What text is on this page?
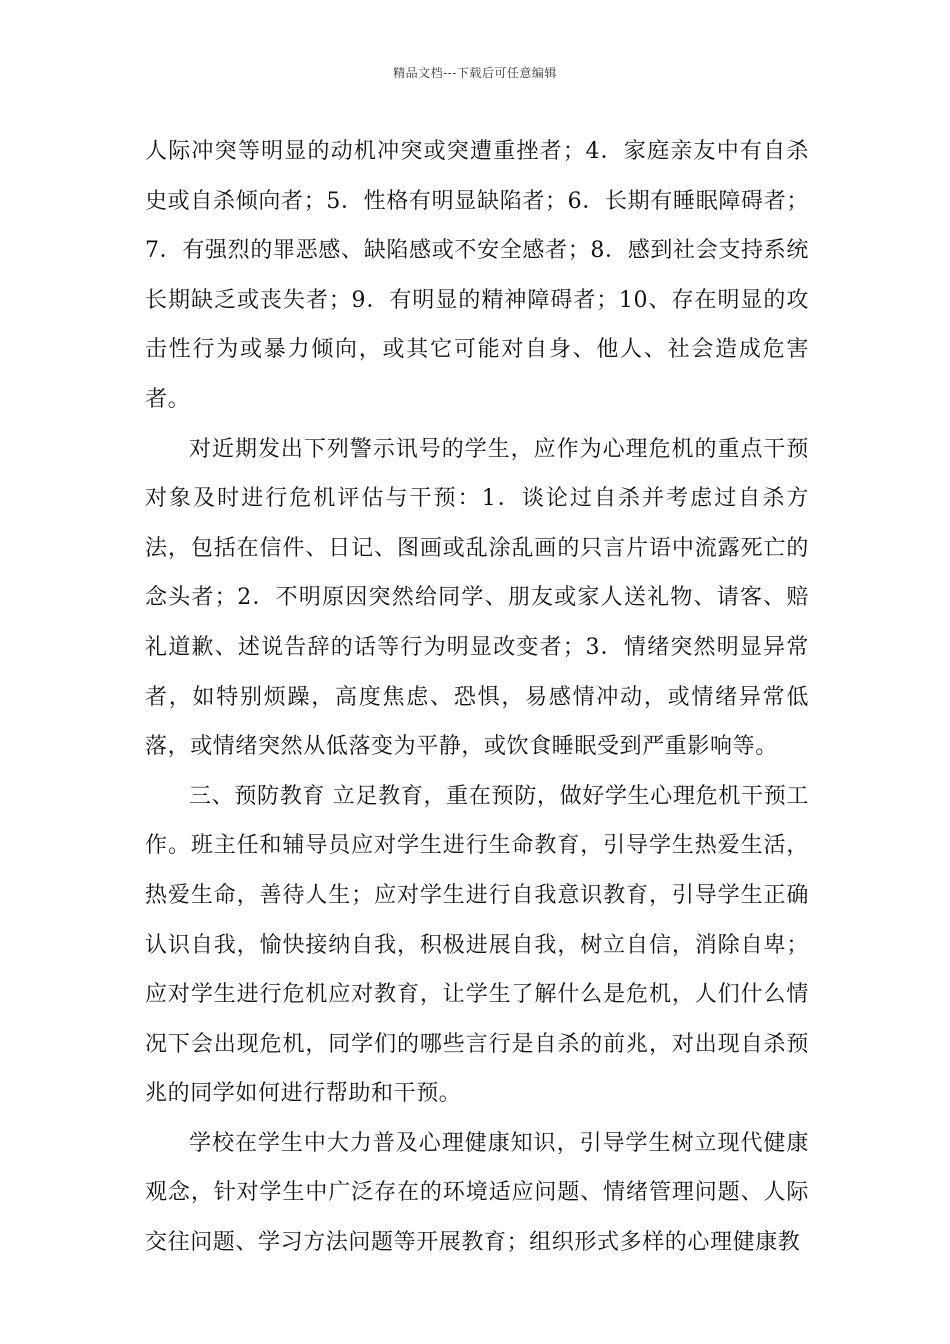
精品文档---下载后可任意编辑

人际冲突等明显的动机冲突或突遭重挫者；4．家庭亲友中有自杀史或自杀倾向者；5．性格有明显缺陷者；6．长期有睡眠障碍者；7．有强烈的罪恶感、缺陷感或不安全感者；8．感到社会支持系统长期缺乏或丧失者；9．有明显的精神障碍者；10、存在明显的攻击性行为或暴力倾向，或其它可能对自身、他人、社会造成危害者。

对近期发出下列警示讯号的学生，应作为心理危机的重点干预对象及时进行危机评估与干预：1．谈论过自杀并考虑过自杀方法，包括在信件、日记、图画或乱涂乱画的只言片语中流露死亡的念头者；2．不明原因突然给同学、朋友或家人送礼物、请客、赔礼道歉、述说告辞的话等行为明显改变者；3．情绪突然明显异常者，如特别烦躁，高度焦虑、恐惧，易感情冲动，或情绪异常低落，或情绪突然从低落变为平静，或饮食睡眠受到严重影响等。

三、预防教育 立足教育，重在预防，做好学生心理危机干预工作。班主任和辅导员应对学生进行生命教育，引导学生热爱生活，热爱生命，善待人生；应对学生进行自我意识教育，引导学生正确认识自我，愉快接纳自我，积极进展自我，树立自信，消除自卑；应对学生进行危机应对教育，让学生了解什么是危机，人们什么情况下会出现危机，同学们的哪些言行是自杀的前兆，对出现自杀预兆的同学如何进行帮助和干预。

学校在学生中大力普及心理健康知识，引导学生树立现代健康观念，针对学生中广泛存在的环境适应问题、情绪管理问题、人际交往问题、学习方法问题等开展教育；组织形式多样的心理健康教
